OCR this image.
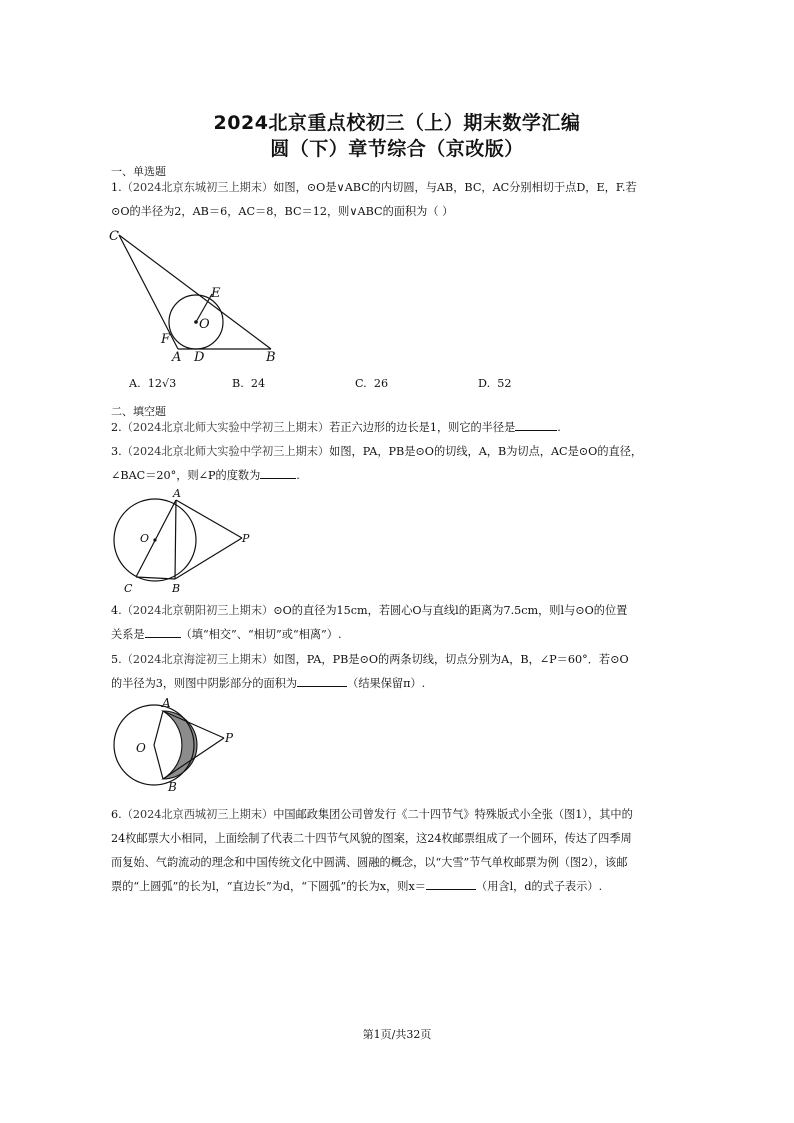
2024北京重点校初三（上）期末数学汇编
圆（下）章节综合（京改版）
一、单选题
1.（2024北京东城初三上期末）如图，⊙O是∨ABC的内切圆，与AB，BC，AC分别相切于点D，E，F.若
⊙O的半径为2，AB＝6，AC＝8，BC＝12，则∨ABC的面积为（ ）
C
E
O
F
A D	B
A. 12√3	B. 24	C. 26	D. 52
二、填空题
2.（2024北京北师大实验中学初三上期末）若正六边形的边长是1，则它的半径是	.
3.（2024北京北师大实验中学初三上期末）如图，PA，PB是⊙O的切线，A，B为切点，AC是⊙O的直径，
∠BAC＝20°，则∠P的度数为	.
A
O	P
C	B
4.（2024北京朝阳初三上期末）⊙O的直径为15cm，若圆心O与直线l的距离为7.5cm，则l与⊙O的位置
关系是	（填“相交”、“相切”或“相离”）.
5.（2024北京海淀初三上期末）如图，PA，PB是⊙O的两条切线，切点分别为A，B，∠P＝60°．若⊙O
的半径为3，则图中阴影部分的面积为	（结果保留π）.
A
O
P
B
6.（2024北京西城初三上期末）中国邮政集团公司曾发行《二十四节气》特殊版式小全张（图1），其中的
24枚邮票大小相同，上面绘制了代表二十四节气风貌的图案，这24枚邮票组成了一个圆环，传达了四季周
而复始、气韵流动的理念和中国传统文化中圆满、圆融的概念，以“大雪”节气单枚邮票为例（图2），该邮
票的“上圆弧”的长为l，“直边长”为d，“下圆弧”的长为x，则x＝	（用含l，d的式子表示）.
第1页/共32页
